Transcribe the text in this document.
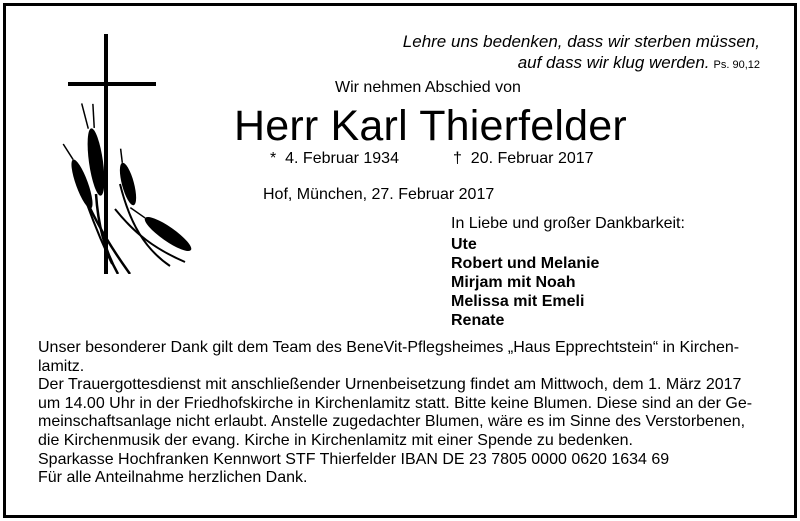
Lehre uns bedenken, dass wir sterben müssen,
auf dass wir klug werden. Ps. 90,12
Wir nehmen Abschied von
Herr Karl Thierfelder
* 4. Februar 1934	† 20. Februar 2017
Hof, München, 27. Februar 2017
In Liebe und großer Dankbarkeit:
Ute
Robert und Melanie
Mirjam mit Noah
Melissa mit Emeli
Renate

Unser besonderer Dank gilt dem Team des BeneVit-Pflegsheimes „Haus Epprechtstein“ in Kirchen-lamitz.

Der Trauergottesdienst mit anschließender Urnenbeisetzung findet am Mittwoch, dem 1. März 2017 um 14.00 Uhr in der Friedhofskirche in Kirchenlamitz statt. Bitte keine Blumen. Diese sind an der Ge-meinschaftsanlage nicht erlaubt. Anstelle zugedachter Blumen, wäre es im Sinne des Verstorbenen, die Kirchenmusik der evang. Kirche in Kirchenlamitz mit einer Spende zu bedenken.

Sparkasse Hochfranken Kennwort STF Thierfelder IBAN DE 23 7805 0000 0620 1634 69

Für alle Anteilnahme herzlichen Dank.
